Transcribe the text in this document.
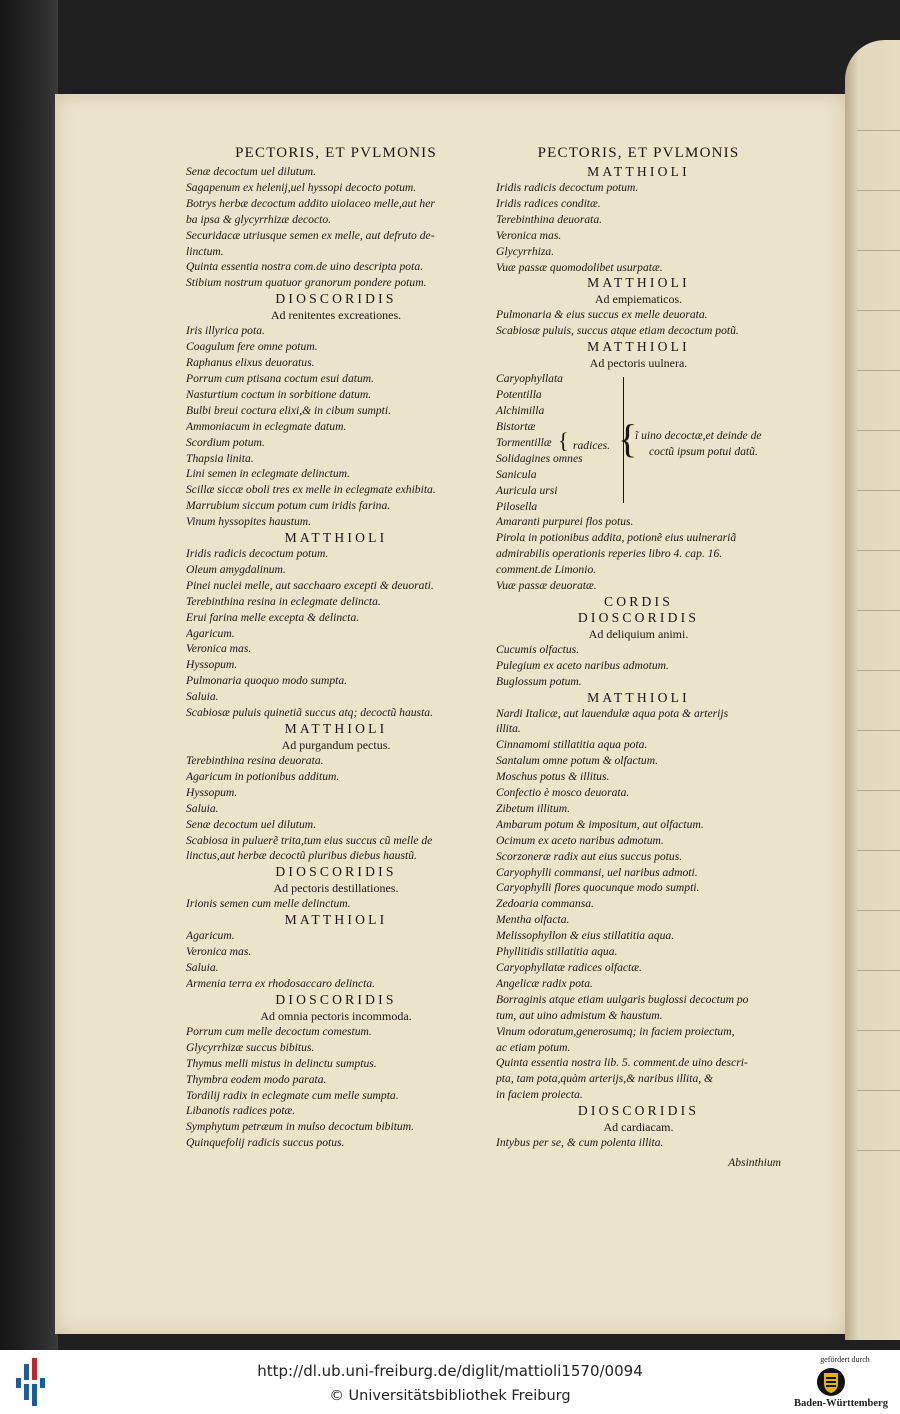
PECTORIS, ET PVLMONIS
Senæ decoctum uel dilutum.
Sagapenum ex helenij,uel hyssopi decocto potum.
Botrys herbæ decoctum addito uiolaceo melle,aut her
ba ipsa & glycyrrhizæ decocto.
Securidacæ utriusque semen ex melle, aut defruto de-
linctum.
Quinta essentia nostra com.de uino descripta pota.
Stibium nostrum quatuor granorum pondere potum.
DIOSCORIDIS
Ad renitentes excreationes.
Iris illyrica pota.
Coagulum fere omne potum.
Raphanus elixus deuoratus.
Porrum cum ptisana coctum esui datum.
Nasturtium coctum in sorbitione datum.
Bulbi breui coctura elixi,& in cibum sumpti.
Ammoniacum in eclegmate datum.
Scordium potum.
Thapsia linita.
Lini semen in eclegmate delinctum.
Scillæ siccæ oboli tres ex melle in eclegmate exhibita.
Marrubium siccum potum cum iridis farina.
Vinum hyssopites haustum.
MATTHIOLI
Iridis radicis decoctum potum.
Oleum amygdalinum.
Pinei nuclei melle, aut sacchaaro excepti & deuorati.
Terebinthina resina in eclegmate delincta.
Erui farina melle excepta & delincta.
Agaricum.
Veronica mas.
Hyssopum.
Pulmonaria quoquo modo sumpta.
Saluia.
Scabiosæ puluis quinetiã succus atq; decoctũ hausta.
MATTHIOLI
Ad purgandum pectus.
Terebinthina resina deuorata.
Agaricum in potionibus additum.
Hyssopum.
Saluia.
Senæ decoctum uel dilutum.
Scabiosa in puluerẽ trita,tum eius succus cũ melle de
linctus,aut herbæ decoctũ pluribus diebus haustũ.
DIOSCORIDIS
Ad pectoris destillationes.
Irionis semen cum melle delinctum.
MATTHIOLI
Agaricum.
Veronica mas.
Saluia.
Armenia terra ex rhodosaccaro delincta.
DIOSCORIDIS
Ad omnia pectoris incommoda.
Porrum cum melle decoctum comestum.
Glycyrrhizæ succus bibitus.
Thymus melli mistus in delinctu sumptus.
Thymbra eodem modo parata.
Tordilij radix in eclegmate cum melle sumpta.
Libanotis radices potæ.
Symphytum petræum in mulso decoctum bibitum.
Quinquefolij radicis succus potus.
PECTORIS, ET PVLMONIS
MATTHIOLI
Iridis radicis decoctum potum.
Iridis radices conditæ.
Terebinthina deuorata.
Veronica mas.
Glycyrrhiza.
Vuæ passæ quomodolibet usurpatæ.
MATTHIOLI
Ad empiematicos.
Pulmonaria & eius succus ex melle deuorata.
Scabiosæ puluis, succus atque etiam decoctum potũ.
MATTHIOLI
Ad pectoris uulnera.
Caryophyllata
Potentilla
Alchimilla
Bistortæ
Tormentillæ
Solidagines omnes
Sanicula
Auricula ursi
Pilosella
{ radices. {
ĩ uino decoctæ,et deinde de
coctũ ipsum potui datũ.
Amaranti purpurei flos potus.
Pirola in potionibus addita, potionẽ eius uulnerariã
admirabilis operationis reperies libro 4. cap. 16.
comment.de Limonio.
Vuæ passæ deuoratæ.
CORDIS
DIOSCORIDIS
Ad deliquium animi.
Cucumis olfactus.
Pulegium ex aceto naribus admotum.
Buglossum potum.
MATTHIOLI
Nardi Italicæ, aut lauendulæ aqua pota & arterijs
illita.
Cinnamomi stillatitia aqua pota.
Santalum omne potum & olfactum.
Moschus potus & illitus.
Confectio è mosco deuorata.
Zibetum illitum.
Ambarum potum & impositum, aut olfactum.
Ocimum ex aceto naribus admotum.
Scorzoneræ radix aut eius succus potus.
Caryophylli commansi, uel naribus admoti.
Caryophylli flores quocunque modo sumpti.
Zedoaria commansa.
Mentha olfacta.
Melissophyllon & eius stillatitia aqua.
Phyllitidis stillatitia aqua.
Caryophyllatæ radices olfactæ.
Angelicæ radix pota.
Borraginis atque etiam uulgaris buglossi decoctum po
tum, aut uino admistum & haustum.
Vinum odoratum,generosumq; in faciem proiectum,
ac etiam potum.
Quinta essentia nostra lib. 5. comment.de uino descri-
pta, tam pota,quàm arterijs,& naribus illita, &
in faciem proiecta.
DIOSCORIDIS
Ad cardiacam.
Intybus per se, & cum polenta illita.
Absinthium
http://dl.ub.uni-freiburg.de/diglit/mattioli1570/0094
© Universitätsbibliothek Freiburg
gefördert durch
Baden-Württemberg
